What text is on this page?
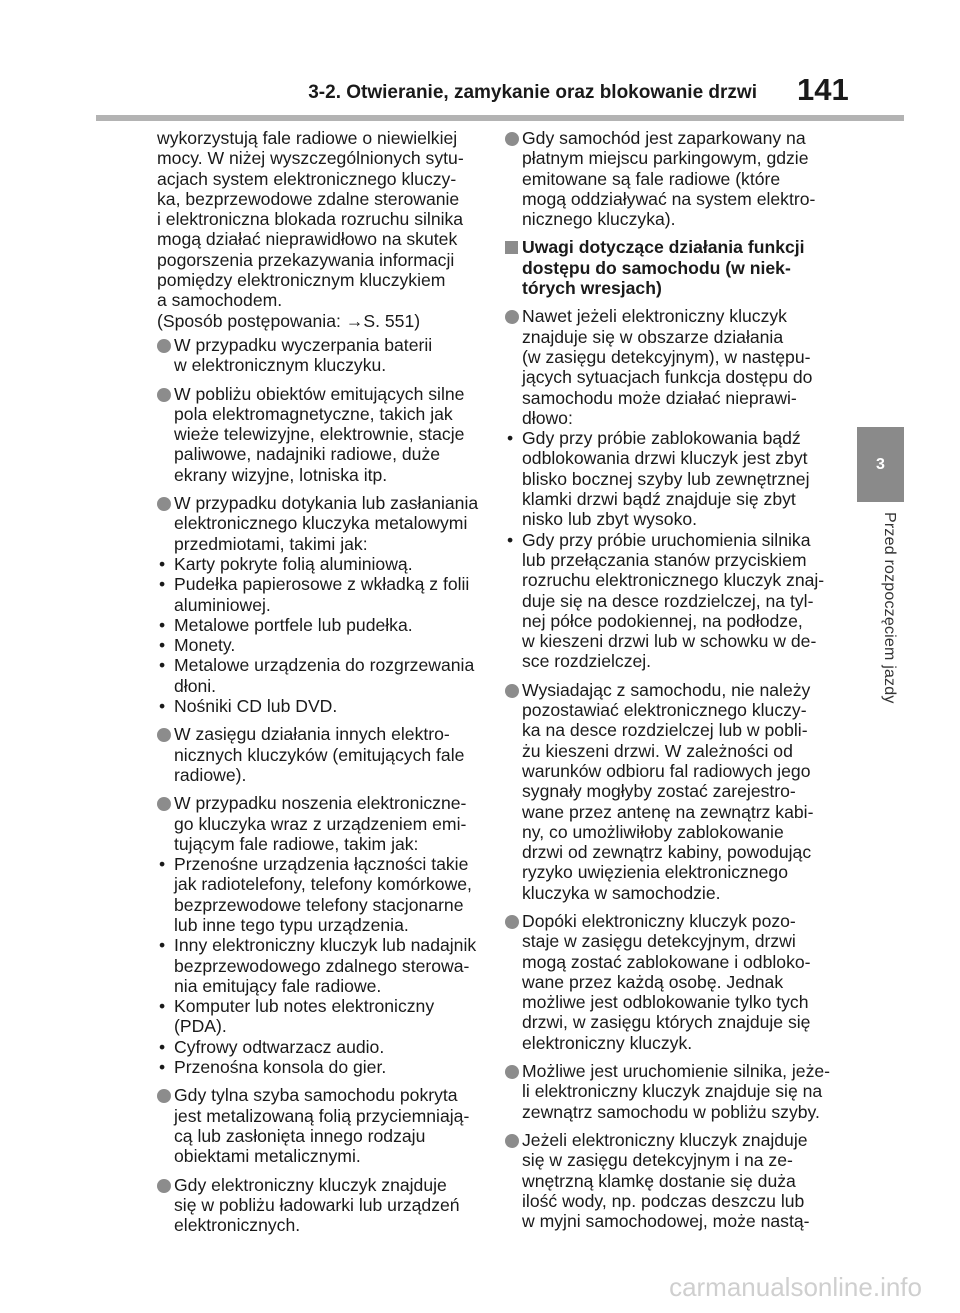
3-2. Otwieranie, zamykanie oraz blokowanie drzwi 141
3
Przed rozpoczęciem jazdy
wykorzystują fale radiowe o niewielkiej
mocy. W niżej wyszczególnionych sytu-
acjach system elektronicznego kluczy-
ka, bezprzewodowe zdalne sterowanie
i elektroniczna blokada rozruchu silnika
mogą działać nieprawidłowo na skutek
pogorszenia przekazywania informacji
pomiędzy elektronicznym kluczykiem
a samochodem.
(Sposób postępowania: →S. 551)
W przypadku wyczerpania baterii
w elektronicznym kluczyku.
W pobliżu obiektów emitujących silne
pola elektromagnetyczne, takich jak
wieże telewizyjne, elektrownie, stacje
paliwowe, nadajniki radiowe, duże
ekrany wizyjne, lotniska itp.
W przypadku dotykania lub zasłaniania
elektronicznego kluczyka metalowymi
przedmiotami, takimi jak:
• Karty pokryte folią aluminiową.
• Pudełka papierosowe z wkładką z folii
aluminiowej.
• Metalowe portfele lub pudełka.
• Monety.
• Metalowe urządzenia do rozgrzewania
dłoni.
• Nośniki CD lub DVD.
W zasięgu działania innych elektro-
nicznych kluczyków (emitujących fale
radiowe).
W przypadku noszenia elektroniczne-
go kluczyka wraz z urządzeniem emi-
tującym fale radiowe, takim jak:
• Przenośne urządzenia łączności takie
jak radiotelefony, telefony komórkowe,
bezprzewodowe telefony stacjonarne
lub inne tego typu urządzenia.
• Inny elektroniczny kluczyk lub nadajnik
bezprzewodowego zdalnego sterowa-
nia emitujący fale radiowe.
• Komputer lub notes elektroniczny
(PDA).
• Cyfrowy odtwarzacz audio.
• Przenośna konsola do gier.
Gdy tylna szyba samochodu pokryta
jest metalizowaną folią przyciemniają-
cą lub zasłonięta innego rodzaju
obiektami metalicznymi.
Gdy elektroniczny kluczyk znajduje
się w pobliżu ładowarki lub urządzeń
elektronicznych.
Gdy samochód jest zaparkowany na
płatnym miejscu parkingowym, gdzie
emitowane są fale radiowe (które
mogą oddziaływać na system elektro-
nicznego kluczyka).
Uwagi dotyczące działania funkcji
dostępu do samochodu (w niek-
tórych wresjach)
Nawet jeżeli elektroniczny kluczyk
znajduje się w obszarze działania
(w zasięgu detekcyjnym), w następu-
jących sytuacjach funkcja dostępu do
samochodu może działać nieprawi-
dłowo:
• Gdy przy próbie zablokowania bądź
odblokowania drzwi kluczyk jest zbyt
blisko bocznej szyby lub zewnętrznej
klamki drzwi bądź znajduje się zbyt
nisko lub zbyt wysoko.
• Gdy przy próbie uruchomienia silnika
lub przełączania stanów przyciskiem
rozruchu elektronicznego kluczyk znaj-
duje się na desce rozdzielczej, na tyl-
nej półce podokiennej, na podłodze,
w kieszeni drzwi lub w schowku w de-
sce rozdzielczej.
Wysiadając z samochodu, nie należy
pozostawiać elektronicznego kluczy-
ka na desce rozdzielczej lub w pobli-
żu kieszeni drzwi. W zależności od
warunków odbioru fal radiowych jego
sygnały mogłyby zostać zarejestro-
wane przez antenę na zewnątrz kabi-
ny, co umożliwiłoby zablokowanie
drzwi od zewnątrz kabiny, powodując
ryzyko uwięzienia elektronicznego
kluczyka w samochodzie.
Dopóki elektroniczny kluczyk pozo-
staje w zasięgu detekcyjnym, drzwi
mogą zostać zablokowane i odbloko-
wane przez każdą osobę. Jednak
możliwe jest odblokowanie tylko tych
drzwi, w zasięgu których znajduje się
elektroniczny kluczyk.
Możliwe jest uruchomienie silnika, jeże-
li elektroniczny kluczyk znajduje się na
zewnątrz samochodu w pobliżu szyby.
Jeżeli elektroniczny kluczyk znajduje
się w zasięgu detekcyjnym i na ze-
wnętrzną klamkę dostanie się duża
ilość wody, np. podczas deszczu lub
w myjni samochodowej, może nastą-
carmanualsonline.info
